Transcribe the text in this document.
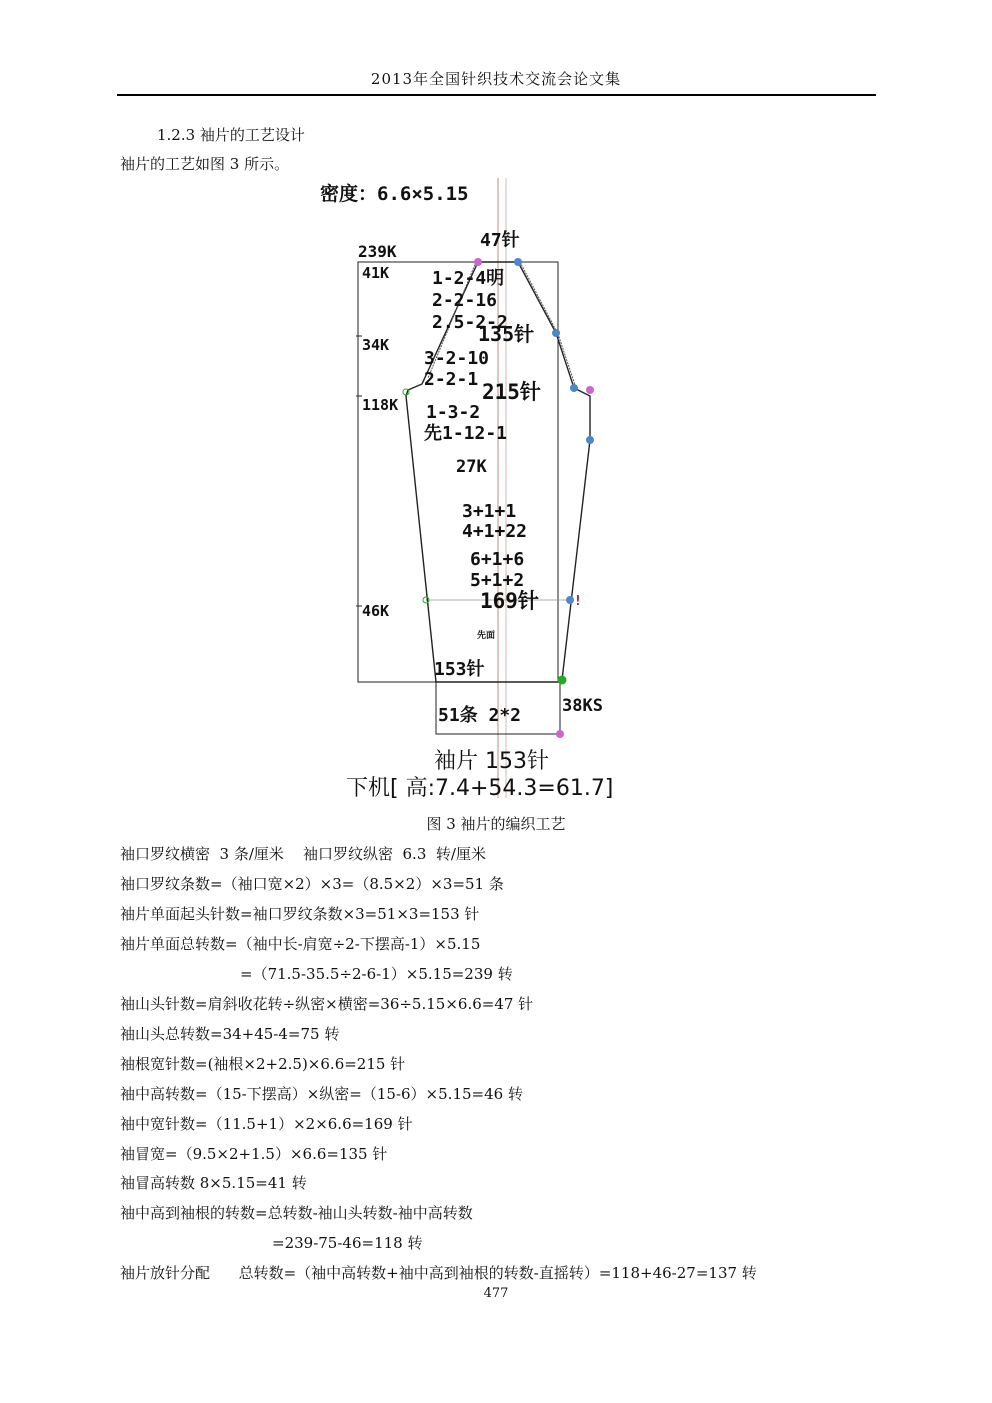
2013年全国针织技术交流会论文集
1.2.3 袖片的工艺设计
袖片的工艺如图 3 所示。
密度：6.6×5.15
47针
239K
41K
34K
118K
46K
1-2-4明
2-2-16
2.5-2-2
135针
3-2-10
2-2-1
215针
1-3-2
先1-12-1
27K
3+1+1
4+1+22
6+1+6
5+1+2
169针	!
先面
153针
51条 2*2 38KS
袖片 153针
下机[ 高:7.4+54.3=61.7]
图 3 袖片的编织工艺
袖口罗纹横密  3 条/厘米    袖口罗纹纵密  6.3  转/厘米
袖口罗纹条数=（袖口宽×2）×3=（8.5×2）×3=51 条
袖片单面起头针数=袖口罗纹条数×3=51×3=153 针
袖片单面总转数=（袖中长-肩宽÷2-下摆高-1）×5.15
=（71.5-35.5÷2-6-1）×5.15=239 转
袖山头针数=肩斜收花转÷纵密×横密=36÷5.15×6.6=47 针
袖山头总转数=34+45-4=75 转
袖根宽针数=(袖根×2+2.5)×6.6=215 针
袖中高转数=（15-下摆高）×纵密=（15-6）×5.15=46 转
袖中宽针数=（11.5+1）×2×6.6=169 针
袖冒宽=（9.5×2+1.5）×6.6=135 针
袖冒高转数 8×5.15=41 转
袖中高到袖根的转数=总转数-袖山头转数-袖中高转数
=239-75-46=118 转
袖片放针分配      总转数=（袖中高转数+袖中高到袖根的转数-直摇转）=118+46-27=137 转
477
